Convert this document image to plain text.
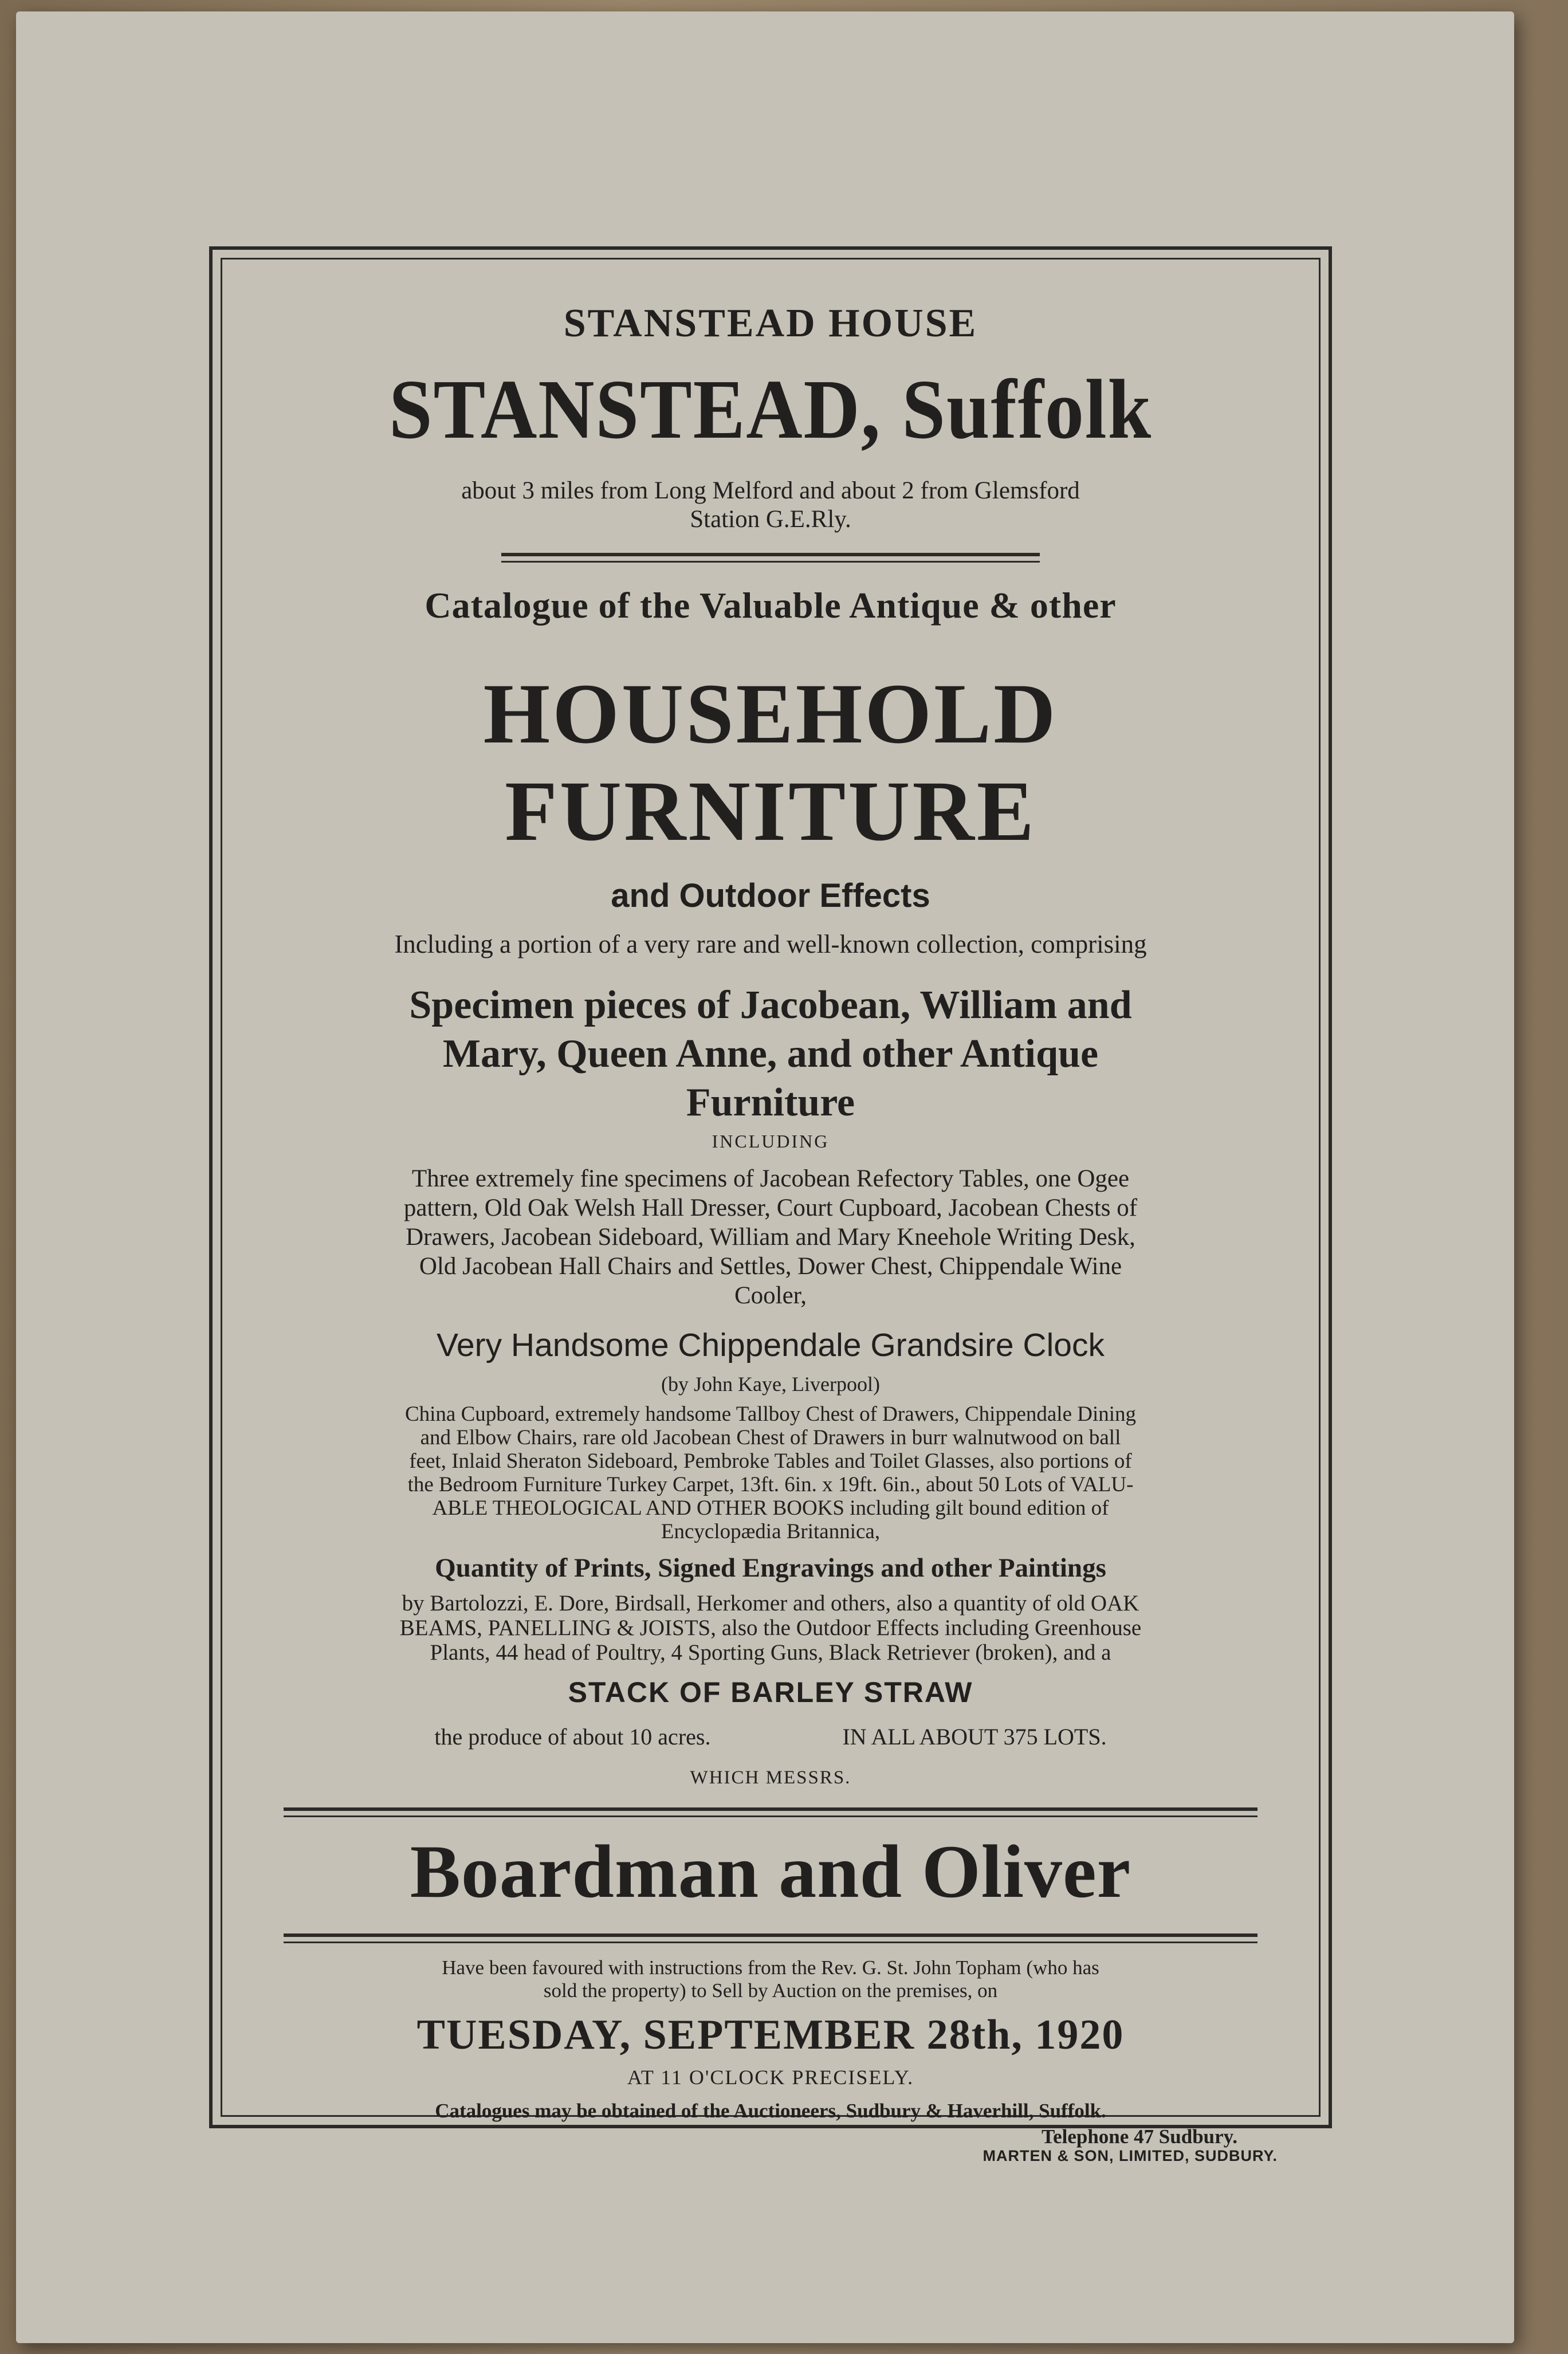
STANSTEAD HOUSE
STANSTEAD, Suffolk
about 3 miles from Long Melford and about 2 from Glemsford
Station G.E.Rly.
Catalogue of the Valuable Antique & other
HOUSEHOLD
FURNITURE
and Outdoor Effects
Including a portion of a very rare and well-known collection, comprising
Specimen pieces of Jacobean, William and
Mary, Queen Anne, and other Antique
Furniture
INCLUDING
Three extremely fine specimens of Jacobean Refectory Tables, one Ogee
pattern, Old Oak Welsh Hall Dresser, Court Cupboard, Jacobean Chests of
Drawers, Jacobean Sideboard, William and Mary Kneehole Writing Desk,
Old Jacobean Hall Chairs and Settles, Dower Chest, Chippendale Wine
Cooler,
Very Handsome Chippendale Grandsire Clock
(by John Kaye, Liverpool)
China Cupboard, extremely handsome Tallboy Chest of Drawers, Chippendale Dining
and Elbow Chairs, rare old Jacobean Chest of Drawers in burr walnutwood on ball
feet, Inlaid Sheraton Sideboard, Pembroke Tables and Toilet Glasses, also portions of
the Bedroom Furniture Turkey Carpet, 13ft. 6in. x 19ft. 6in., about 50 Lots of VALU-
ABLE THEOLOGICAL AND OTHER BOOKS including gilt bound edition of
Encyclopædia Britannica,
Quantity of Prints, Signed Engravings and other Paintings
by Bartolozzi, E. Dore, Birdsall, Herkomer and others, also a quantity of old OAK
BEAMS, PANELLING & JOISTS, also the Outdoor Effects including Greenhouse
Plants, 44 head of Poultry, 4 Sporting Guns, Black Retriever (broken), and a
STACK OF BARLEY STRAW
the produce of about 10 acres.	IN ALL ABOUT 375 LOTS.
WHICH MESSRS.
Boardman and Oliver
Have been favoured with instructions from the Rev. G. St. John Topham (who has
sold the property) to Sell by Auction on the premises, on
TUESDAY, SEPTEMBER 28th, 1920
AT 11 O'CLOCK PRECISELY.
Catalogues may be obtained of the Auctioneers, Sudbury & Haverhill, Suffolk.
Telephone 47 Sudbury.
MARTEN & SON, LIMITED, SUDBURY.
